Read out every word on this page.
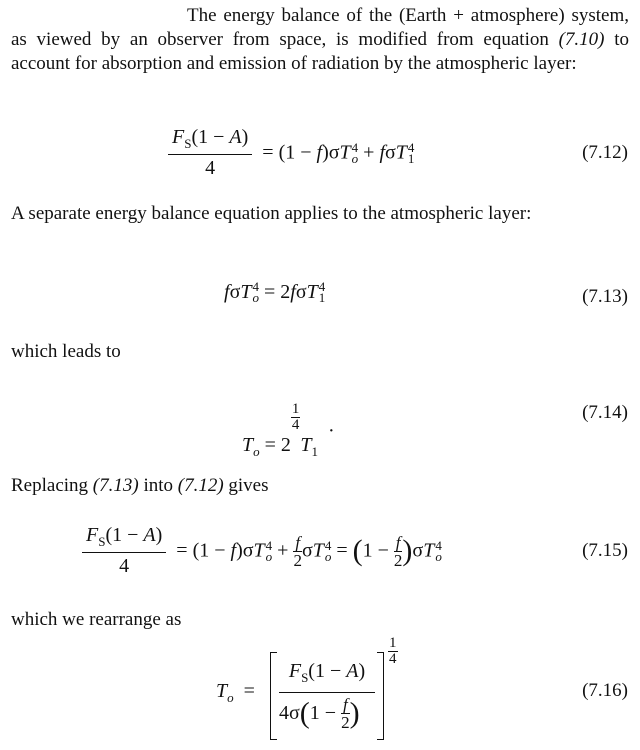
The energy balance of the (Earth + atmosphere) system, as viewed by an observer from space, is modified from equation (7.10) to account for absorption and emission of radiation by the atmospheric layer:

$\frac{F_S(1 - A)}{4} = (1 - f)\sigma T$ 4
o + fσT 4
1	(7.12)

A separate energy balance equation applies to the atmospheric layer:

fσT 4
o = 2fσT 4
1	(7.13)

which leads to

$T_o = 2$
$\frac{1}{4}$
$T_1$  ·
(7.14)

Replacing (7.13) into (7.12) gives

$\frac{F_S(1 - A)}{4} = (1 - f)\sigma T$ 4
$o + \frac{f}{2}$ σT 4
$o = (1 - \frac{f}{2} )\sigma T$ 4
o	(7.15)

which we rearrange as

$T_o$  =
$F_S(1 - A)$
$4\sigma(1 - \frac{f}{2}$ )
$\frac{1}{4}$
(7.16)
